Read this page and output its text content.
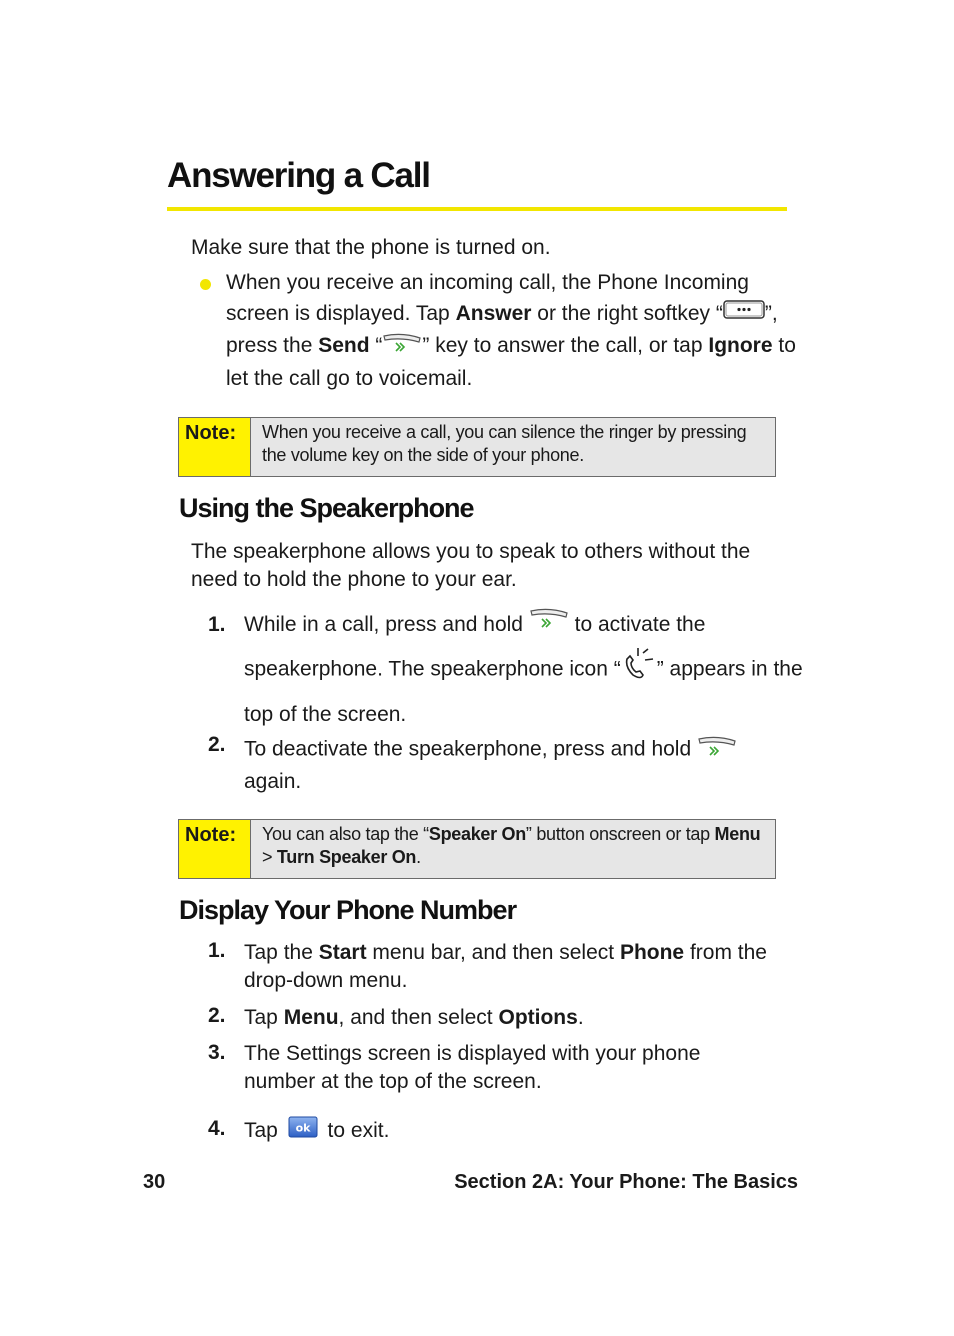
Answering a Call
Make sure that the phone is turned on.
When you receive an incoming call, the Phone Incoming screen is displayed. Tap Answer or the right softkey “ ”, press the Send “ ” key to answer the call, or tap Ignore to let the call go to voicemail.
Note:	When you receive a call, you can silence the ringer by pressing the volume key on the side of your phone.
Using the Speakerphone
The speakerphone allows you to speak to others without the need to hold the phone to your ear.
1. While in a call, press and hold  to activate the speakerphone. The speakerphone icon “ ” appears in the top of the screen.
2. To deactivate the speakerphone, press and hold  again.
Note:	You can also tap the “Speaker On” button onscreen or tap Menu > Turn Speaker On.
Display Your Phone Number
1. Tap the Start menu bar, and then select Phone from the drop-down menu.
2. Tap Menu, and then select Options.
3. The Settings screen is displayed with your phone number at the top of the screen.
4. Tap ok to exit.
30	Section 2A: Your Phone: The Basics
